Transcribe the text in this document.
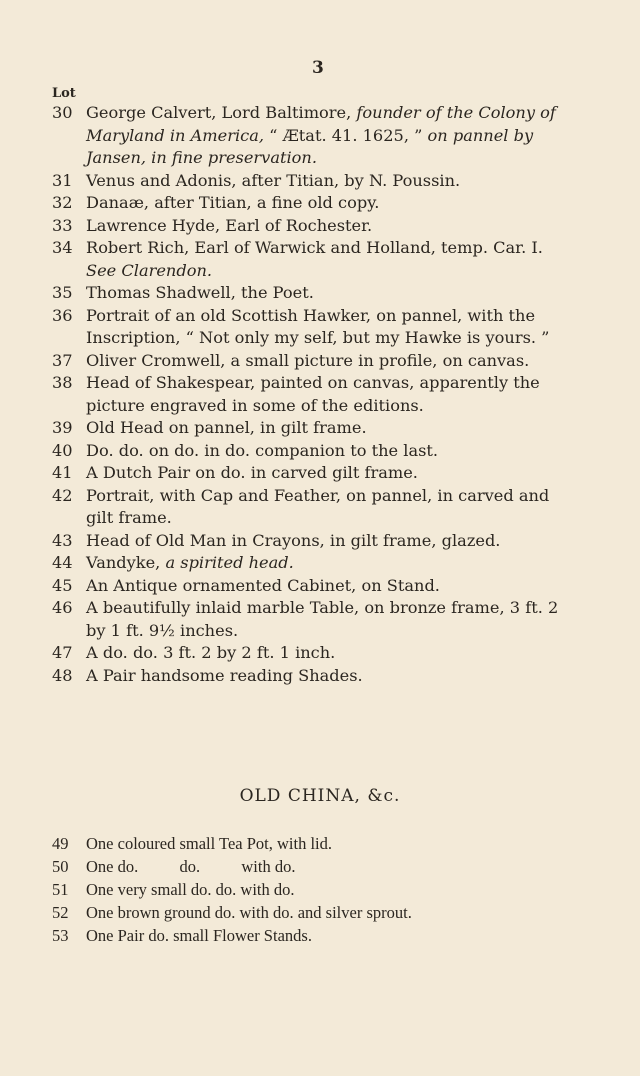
3
Lot
30 George Calvert, Lord Baltimore, founder of the Colony of Maryland in America, “ Ætat. 41. 1625, ” on pannel by Jansen, in fine preservation.
31 Venus and Adonis, after Titian, by N. Poussin.
32 Danaæ, after Titian, a fine old copy.
33 Lawrence Hyde, Earl of Rochester.
34 Robert Rich, Earl of Warwick and Holland, temp. Car. I. See Clarendon.
35 Thomas Shadwell, the Poet.
36 Portrait of an old Scottish Hawker, on pannel, with the Inscription, “ Not only my self, but my Hawke is yours. ”
37 Oliver Cromwell, a small picture in profile, on canvas.
38 Head of Shakespear, painted on canvas, apparently the picture engraved in some of the editions.
39 Old Head on pannel, in gilt frame.
40 Do. do. on do. in do. companion to the last.
41 A Dutch Pair on do. in carved gilt frame.
42 Portrait, with Cap and Feather, on pannel, in carved and gilt frame.
43 Head of Old Man in Crayons, in gilt frame, glazed.
44 Vandyke, a spirited head.
45 An Antique ornamented Cabinet, on Stand.
46 A beautifully inlaid marble Table, on bronze frame, 3 ft. 2 by 1 ft. 9½ inches.
47 A do. do. 3 ft. 2 by 2 ft. 1 inch.
48 A Pair handsome reading Shades.
OLD CHINA, &c.
49	One coloured small Tea Pot, with lid.
50	One do.          do.          with do.
51	One very small do. do. with do.
52	One brown ground do. with do. and silver sprout.
53	One Pair do. small Flower Stands.
